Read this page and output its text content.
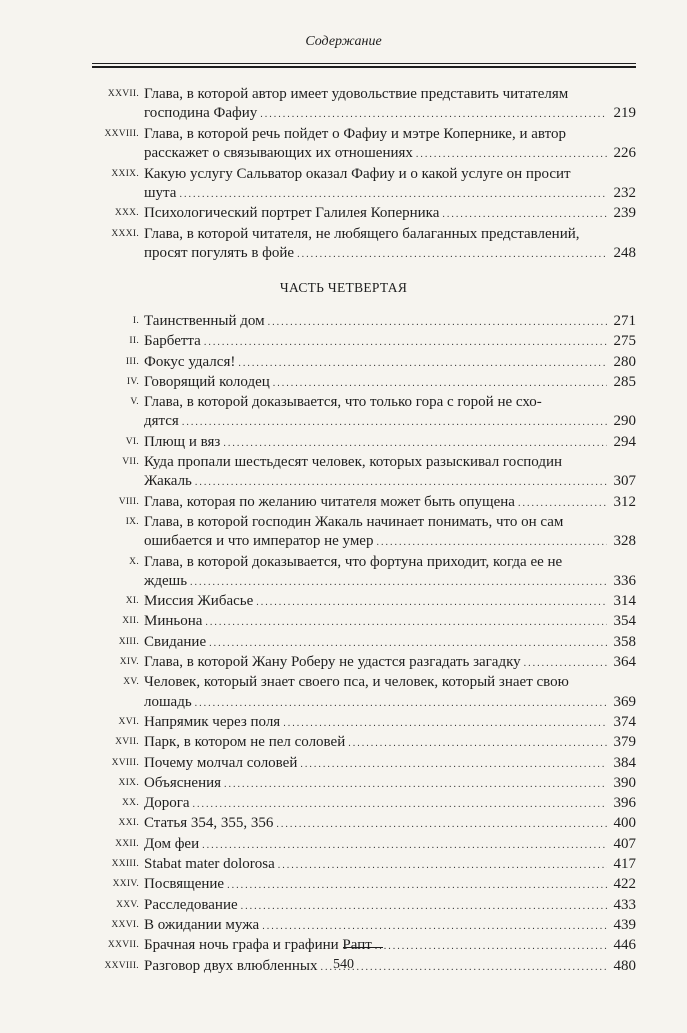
Содержание
XXVII. Глава, в которой автор имеет удовольствие представить читателям
господина Фафиу .....	219
XXVIII. Глава, в которой речь пойдет о Фафиу и мэтре Копернике, и автор
расскажет о связывающих их отношениях .....	226
XXIX. Какую услугу Сальватор оказал Фафиу и о какой услуге он просит
шута .....	232
XXX. Психологический портрет Галилея Коперника .....	239
XXXI. Глава, в которой читателя, не любящего балаганных представлений,
просят погулять в фойе .....	248
ЧАСТЬ ЧЕТВЕРТАЯ
I. Таинственный дом .....	271
II. Барбетта .....	275
III. Фокус удался! .....	280
IV. Говорящий колодец .....	285
V. Глава, в которой доказывается, что только гора с горой не схо-
дятся .....	290
VI. Плющ и вяз .....	294
VII. Куда пропали шестьдесят человек, которых разыскивал господин
Жакаль .....	307
VIII. Глава, которая по желанию читателя может быть опущена .....	312
IX. Глава, в которой господин Жакаль начинает понимать, что он сам
ошибается и что император не умер .....	328
X. Глава, в которой доказывается, что фортуна приходит, когда ее не
ждешь .....	336
XI. Миссия Жибасье .....	314
XII. Миньона .....	354
XIII. Свидание .....	358
XIV. Глава, в которой Жану Роберу не удастся разгадать загадку .....	364
XV. Человек, который знает своего пса, и человек, который знает свою
лошадь .....	369
XVI. Напрямик через поля .....	374
XVII. Парк, в котором не пел соловей .....	379
XVIII. Почему молчал соловей .....	384
XIX. Объяснения .....	390
XX. Дорога .....	396
XXI. Статья 354, 355, 356 .....	400
XXII. Дом феи .....	407
XXIII. Stabat mater dolorosa .....	417
XXIV. Посвящение .....	422
XXV. Расследование .....	433
XXVI. В ожидании мужа .....	439
XXVII. Брачная ночь графа и графини Рапт .....	446
XXVIII. Разговор двух влюбленных .....	480
540
